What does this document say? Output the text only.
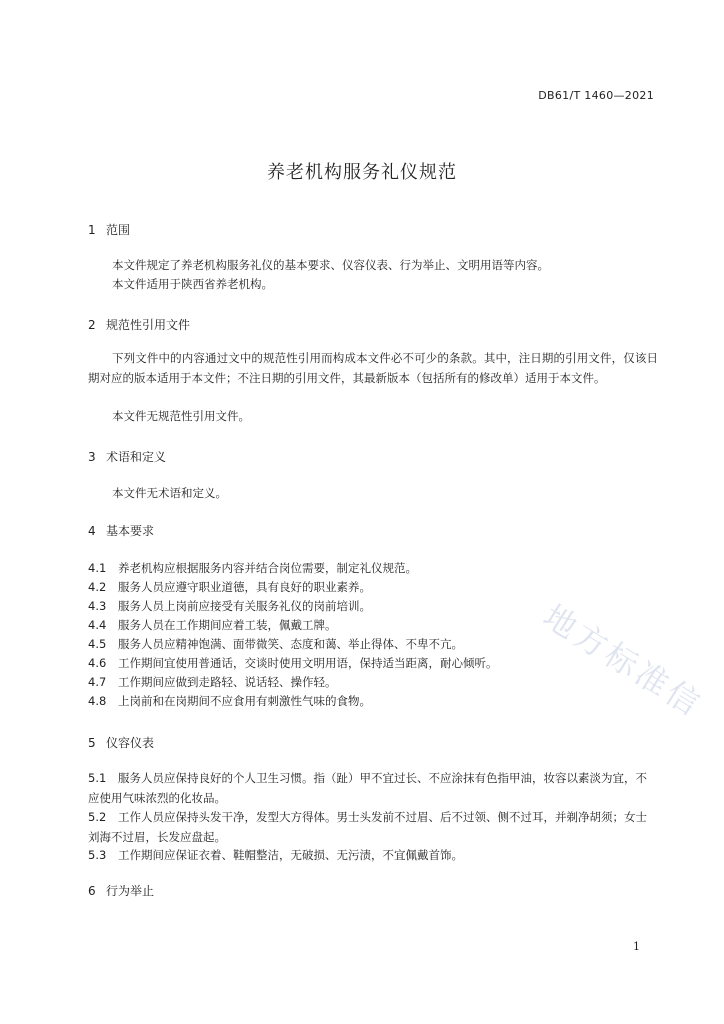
DB61/T 1460—2021
养老机构服务礼仪规范
1 范围
本文件规定了养老机构服务礼仪的基本要求、仪容仪表、行为举止、文明用语等内容。
本文件适用于陕西省养老机构。
2 规范性引用文件
下列文件中的内容通过文中的规范性引用而构成本文件必不可少的条款。其中，注日期的引用文件，仅该日期对应的版本适用于本文件；不注日期的引用文件，其最新版本（包括所有的修改单）适用于本文件。
本文件无规范性引用文件。
3 术语和定义
本文件无术语和定义。
4 基本要求
4.1 养老机构应根据服务内容并结合岗位需要，制定礼仪规范。
4.2 服务人员应遵守职业道德，具有良好的职业素养。
4.3 服务人员上岗前应接受有关服务礼仪的岗前培训。
4.4 服务人员在工作期间应着工装，佩戴工牌。
4.5 服务人员应精神饱满、面带微笑、态度和蔼、举止得体、不卑不亢。
4.6 工作期间宜使用普通话，交谈时使用文明用语，保持适当距离，耐心倾听。
4.7 工作期间应做到走路轻、说话轻、操作轻。
4.8 上岗前和在岗期间不应食用有刺激性气味的食物。
5 仪容仪表
5.1 服务人员应保持良好的个人卫生习惯。指（趾）甲不宜过长、不应涂抹有色指甲油，妆容以素淡为宜，不应使用气味浓烈的化妆品。
5.2 工作人员应保持头发干净，发型大方得体。男士头发前不过眉、后不过领、侧不过耳，并剃净胡须；女士刘海不过眉，长发应盘起。
5.3 工作期间应保证衣着、鞋帽整洁，无破损、无污渍，不宜佩戴首饰。
6 行为举止
地方标准信
1
